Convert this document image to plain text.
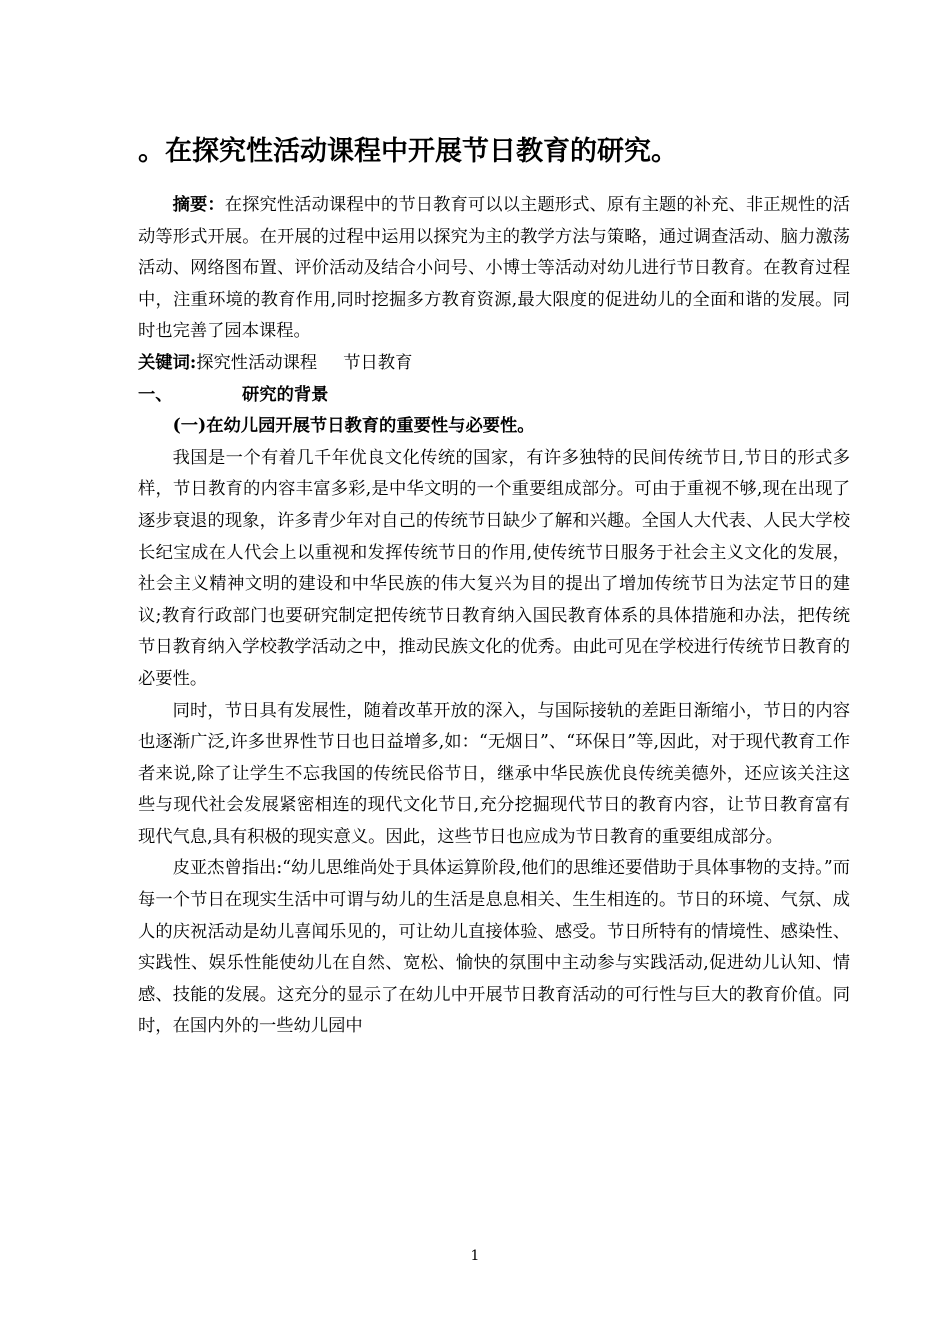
。在探究性活动课程中开展节日教育的研究。

摘要：在探究性活动课程中的节日教育可以以主题形式、原有主题的补充、非正规性的活动等形式开展。在开展的过程中运用以探究为主的教学方法与策略，通过调查活动、脑力激荡活动、网络图布置、评价活动及结合小问号、小博士等活动对幼儿进行节日教育。在教育过程中，注重环境的教育作用,同时挖掘多方教育资源,最大限度的促进幼儿的全面和谐的发展。同时也完善了园本课程。

关键词:探究性活动课程 节日教育

一、	研究的背景

(一)在幼儿园开展节日教育的重要性与必要性。

我国是一个有着几千年优良文化传统的国家，有许多独特的民间传统节日,节日的形式多样，节日教育的内容丰富多彩,是中华文明的一个重要组成部分。可由于重视不够,现在出现了逐步衰退的现象，许多青少年对自己的传统节日缺少了解和兴趣。全国人大代表、人民大学校长纪宝成在人代会上以重视和发挥传统节日的作用,使传统节日服务于社会主义文化的发展，社会主义精神文明的建设和中华民族的伟大复兴为目的提出了增加传统节日为法定节日的建议;教育行政部门也要研究制定把传统节日教育纳入国民教育体系的具体措施和办法，把传统节日教育纳入学校教学活动之中，推动民族文化的优秀。由此可见在学校进行传统节日教育的必要性。

同时，节日具有发展性，随着改革开放的深入，与国际接轨的差距日渐缩小，节日的内容也逐渐广泛,许多世界性节日也日益增多,如：“无烟日”、“环保日”等,因此，对于现代教育工作者来说,除了让学生不忘我国的传统民俗节日，继承中华民族优良传统美德外，还应该关注这些与现代社会发展紧密相连的现代文化节日,充分挖掘现代节日的教育内容，让节日教育富有现代气息,具有积极的现实意义。因此，这些节日也应成为节日教育的重要组成部分。

皮亚杰曾指出:“幼儿思维尚处于具体运算阶段,他们的思维还要借助于具体事物的支持。”而每一个节日在现实生活中可谓与幼儿的生活是息息相关、生生相连的。节日的环境、气氛、成人的庆祝活动是幼儿喜闻乐见的，可让幼儿直接体验、感受。节日所特有的情境性、感染性、实践性、娱乐性能使幼儿在自然、宽松、愉快的氛围中主动参与实践活动,促进幼儿认知、情感、技能的发展。这充分的显示了在幼儿中开展节日教育活动的可行性与巨大的教育价值。同时，在国内外的一些幼儿园中

1
